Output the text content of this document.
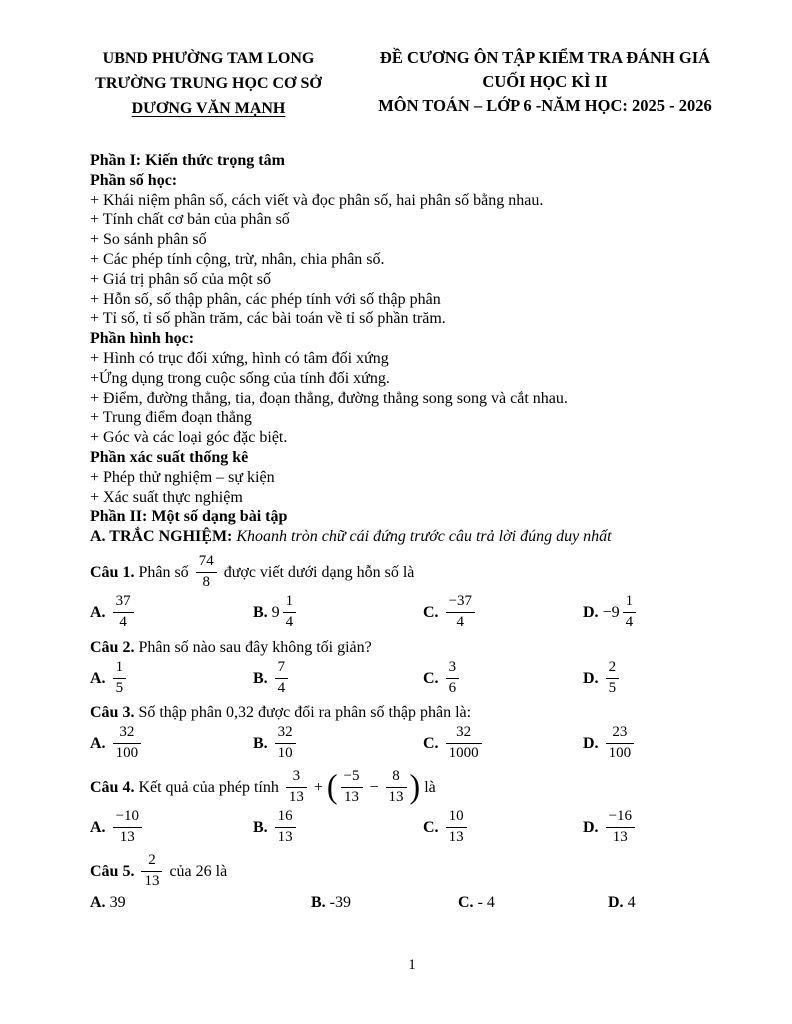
UBND PHƯỜNG TAM LONG
TRƯỜNG TRUNG HỌC CƠ SỞ
DƯƠNG VĂN MẠNH
ĐỀ CƯƠNG ÔN TẬP KIỂM TRA ĐÁNH GIÁ
CUỐI HỌC KÌ II
MÔN TOÁN – LỚP 6 -NĂM HỌC: 2025 - 2026
Phần I: Kiến thức trọng tâm
Phần số học:
+ Khái niệm phân số, cách viết và đọc phân số, hai phân số bằng nhau.
+ Tính chất cơ bản của phân số
+ So sánh phân số
+ Các phép tính cộng, trừ, nhân, chia phân số.
+ Giá trị phân số của một số
+ Hỗn số, số thập phân, các phép tính với số thập phân
+ Tỉ số, tỉ số phần trăm, các bài toán về tỉ số phần trăm.
Phần hình học:
+ Hình có trục đối xứng, hình có tâm đối xứng
+Ứng dụng trong cuộc sống của tính đối xứng.
+ Điểm, đường thẳng, tia, đoạn thẳng, đường thẳng song song và cắt nhau.
+ Trung điểm đoạn thẳng
+ Góc và các loại góc đặc biệt.
Phần xác suất thống kê
+ Phép thử nghiệm – sự kiện
+ Xác suất thực nghiệm
Phần II: Một số dạng bài tập
A. TRẮC NGHIỆM: Khoanh tròn chữ cái đứng trước câu trả lời đúng duy nhất
Câu 1. Phân số $\frac{74}{8}$ được viết dưới dạng hỗn số là
A. $\frac{37}{4}$	B. $9 \frac{1}{4}$	C. $\frac{-37}{4}$	D. $-9 \frac{1}{4}$
Câu 2. Phân số nào sau đây không tối giản?
A. $\frac{1}{5}$	B. $\frac{7}{4}$	C. $\frac{3}{6}$	D. $\frac{2}{5}$
Câu 3. Số thập phân 0,32 được đổi ra phân số thập phân là:
A. $\frac{32}{100}$	B. $\frac{32}{10}$	C. $\frac{32}{1000}$	D. $\frac{23}{100}$
Câu 4. Kết quả của phép tính $\frac{3}{13}$ + ( $\frac{-5}{13} - \frac{8}{13}$ ) là
A. $\frac{-10}{13}$	B. $\frac{16}{13}$	C. $\frac{10}{13}$	D. $\frac{-16}{13}$
Câu 5. $\frac{2}{13}$ của 26 là
A. 39	B. -39	C. - 4	D. 4
1
